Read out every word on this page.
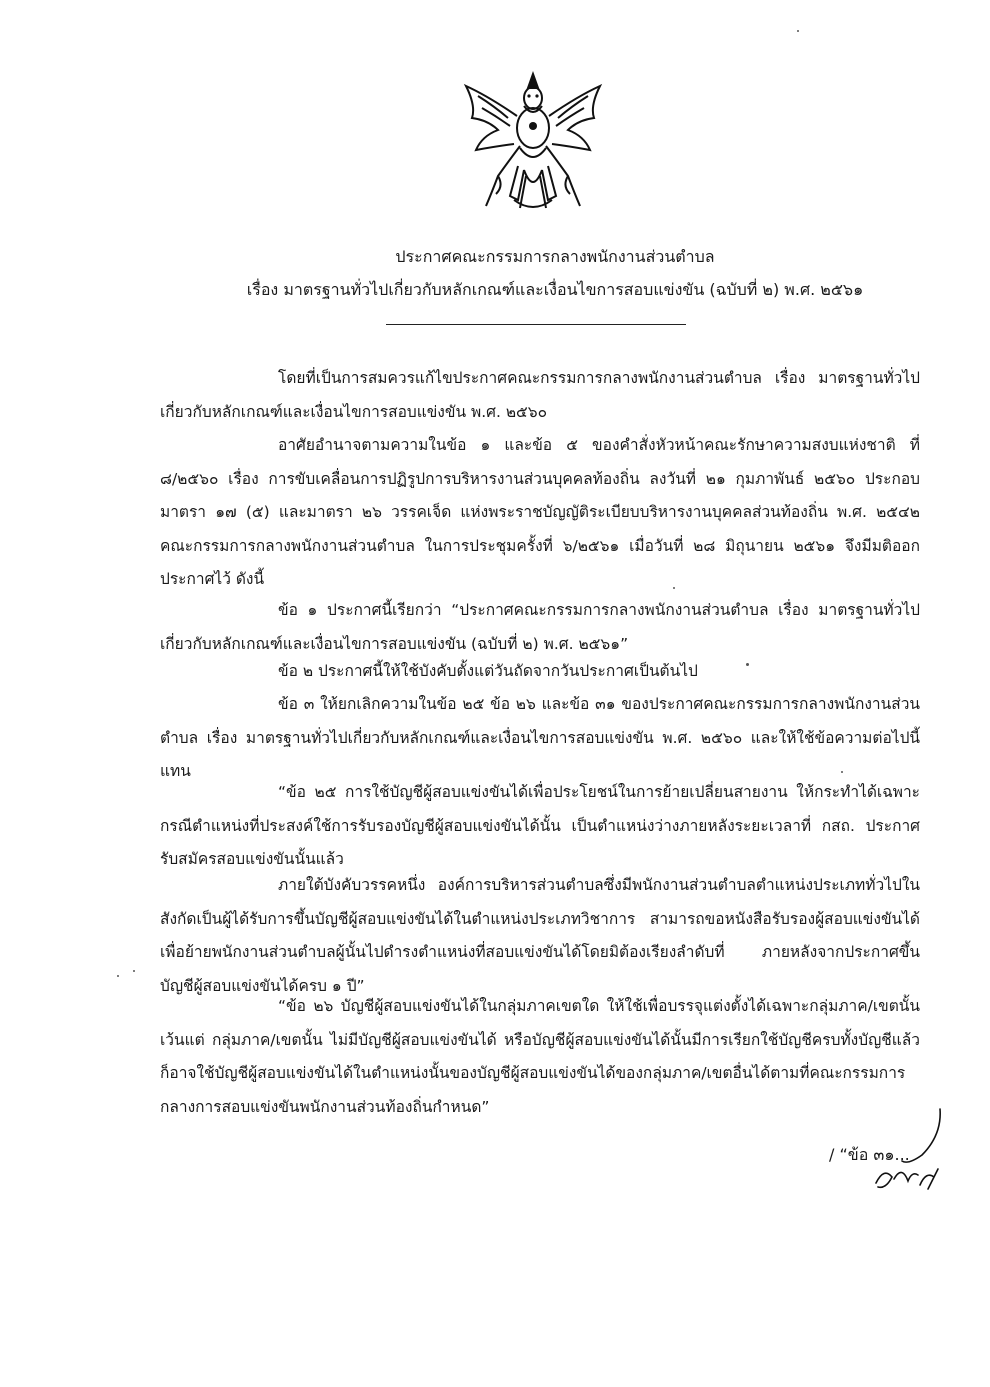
ประกาศคณะกรรมการกลางพนักงานส่วนตำบล
เรื่อง มาตรฐานทั่วไปเกี่ยวกับหลักเกณฑ์และเงื่อนไขการสอบแข่งขัน (ฉบับที่ ๒) พ.ศ. ๒๕๖๑
โดยที่เป็นการสมควรแก้ไขประกาศคณะกรรมการกลางพนักงานส่วนตำบล เรื่อง มาตรฐานทั่วไปเกี่ยวกับหลักเกณฑ์และเงื่อนไขการสอบแข่งขัน พ.ศ. ๒๕๖๐
อาศัยอำนาจตามความในข้อ ๑ และข้อ ๕ ของคำสั่งหัวหน้าคณะรักษาความสงบแห่งชาติ ที่ ๘/๒๕๖๐ เรื่อง การขับเคลื่อนการปฏิรูปการบริหารงานส่วนบุคคลท้องถิ่น ลงวันที่ ๒๑ กุมภาพันธ์ ๒๕๖๐ ประกอบมาตรา ๑๗ (๕) และมาตรา ๒๖ วรรคเจ็ด แห่งพระราชบัญญัติระเบียบบริหารงานบุคคลส่วนท้องถิ่น พ.ศ. ๒๕๔๒ คณะกรรมการกลางพนักงานส่วนตำบล ในการประชุมครั้งที่ ๖/๒๕๖๑ เมื่อวันที่ ๒๘ มิถุนายน ๒๕๖๑ จึงมีมติออกประกาศไว้ ดังนี้
ข้อ ๑ ประกาศนี้เรียกว่า “ประกาศคณะกรรมการกลางพนักงานส่วนตำบล เรื่อง มาตรฐานทั่วไปเกี่ยวกับหลักเกณฑ์และเงื่อนไขการสอบแข่งขัน (ฉบับที่ ๒) พ.ศ. ๒๕๖๑”
ข้อ ๒ ประกาศนี้ให้ใช้บังคับตั้งแต่วันถัดจากวันประกาศเป็นต้นไป
ข้อ ๓ ให้ยกเลิกความในข้อ ๒๕ ข้อ ๒๖ และข้อ ๓๑ ของประกาศคณะกรรมการกลางพนักงานส่วนตำบล เรื่อง มาตรฐานทั่วไปเกี่ยวกับหลักเกณฑ์และเงื่อนไขการสอบแข่งขัน พ.ศ. ๒๕๖๐ และให้ใช้ข้อความต่อไปนี้แทน
“ข้อ ๒๕ การใช้บัญชีผู้สอบแข่งขันได้เพื่อประโยชน์ในการย้ายเปลี่ยนสายงาน ให้กระทำได้เฉพาะกรณีตำแหน่งที่ประสงค์ใช้การรับรองบัญชีผู้สอบแข่งขันได้นั้น เป็นตำแหน่งว่างภายหลังระยะเวลาที่ กสถ. ประกาศรับสมัครสอบแข่งขันนั้นแล้ว
ภายใต้บังคับวรรคหนึ่ง องค์การบริหารส่วนตำบลซึ่งมีพนักงานส่วนตำบลตำแหน่งประเภททั่วไปในสังกัดเป็นผู้ได้รับการขึ้นบัญชีผู้สอบแข่งขันได้ในตำแหน่งประเภทวิชาการ สามารถขอหนังสือรับรองผู้สอบแข่งขันได้ เพื่อย้ายพนักงานส่วนตำบลผู้นั้นไปดำรงตำแหน่งที่สอบแข่งขันได้โดยมิต้องเรียงลำดับที่ ภายหลังจากประกาศขึ้นบัญชีผู้สอบแข่งขันได้ครบ ๑ ปี”
“ข้อ ๒๖ บัญชีผู้สอบแข่งขันได้ในกลุ่มภาคเขตใด ให้ใช้เพื่อบรรจุแต่งตั้งได้เฉพาะกลุ่มภาค/เขตนั้น เว้นแต่ กลุ่มภาค/เขตนั้น ไม่มีบัญชีผู้สอบแข่งขันได้ หรือบัญชีผู้สอบแข่งขันได้นั้นมีการเรียกใช้บัญชีครบทั้งบัญชีแล้ว ก็อาจใช้บัญชีผู้สอบแข่งขันได้ในตำแหน่งนั้นของบัญชีผู้สอบแข่งขันได้ของกลุ่มภาค/เขตอื่นได้ตามที่คณะกรรมการกลางการสอบแข่งขันพนักงานส่วนท้องถิ่นกำหนด”
/ “ข้อ ๓๑...
